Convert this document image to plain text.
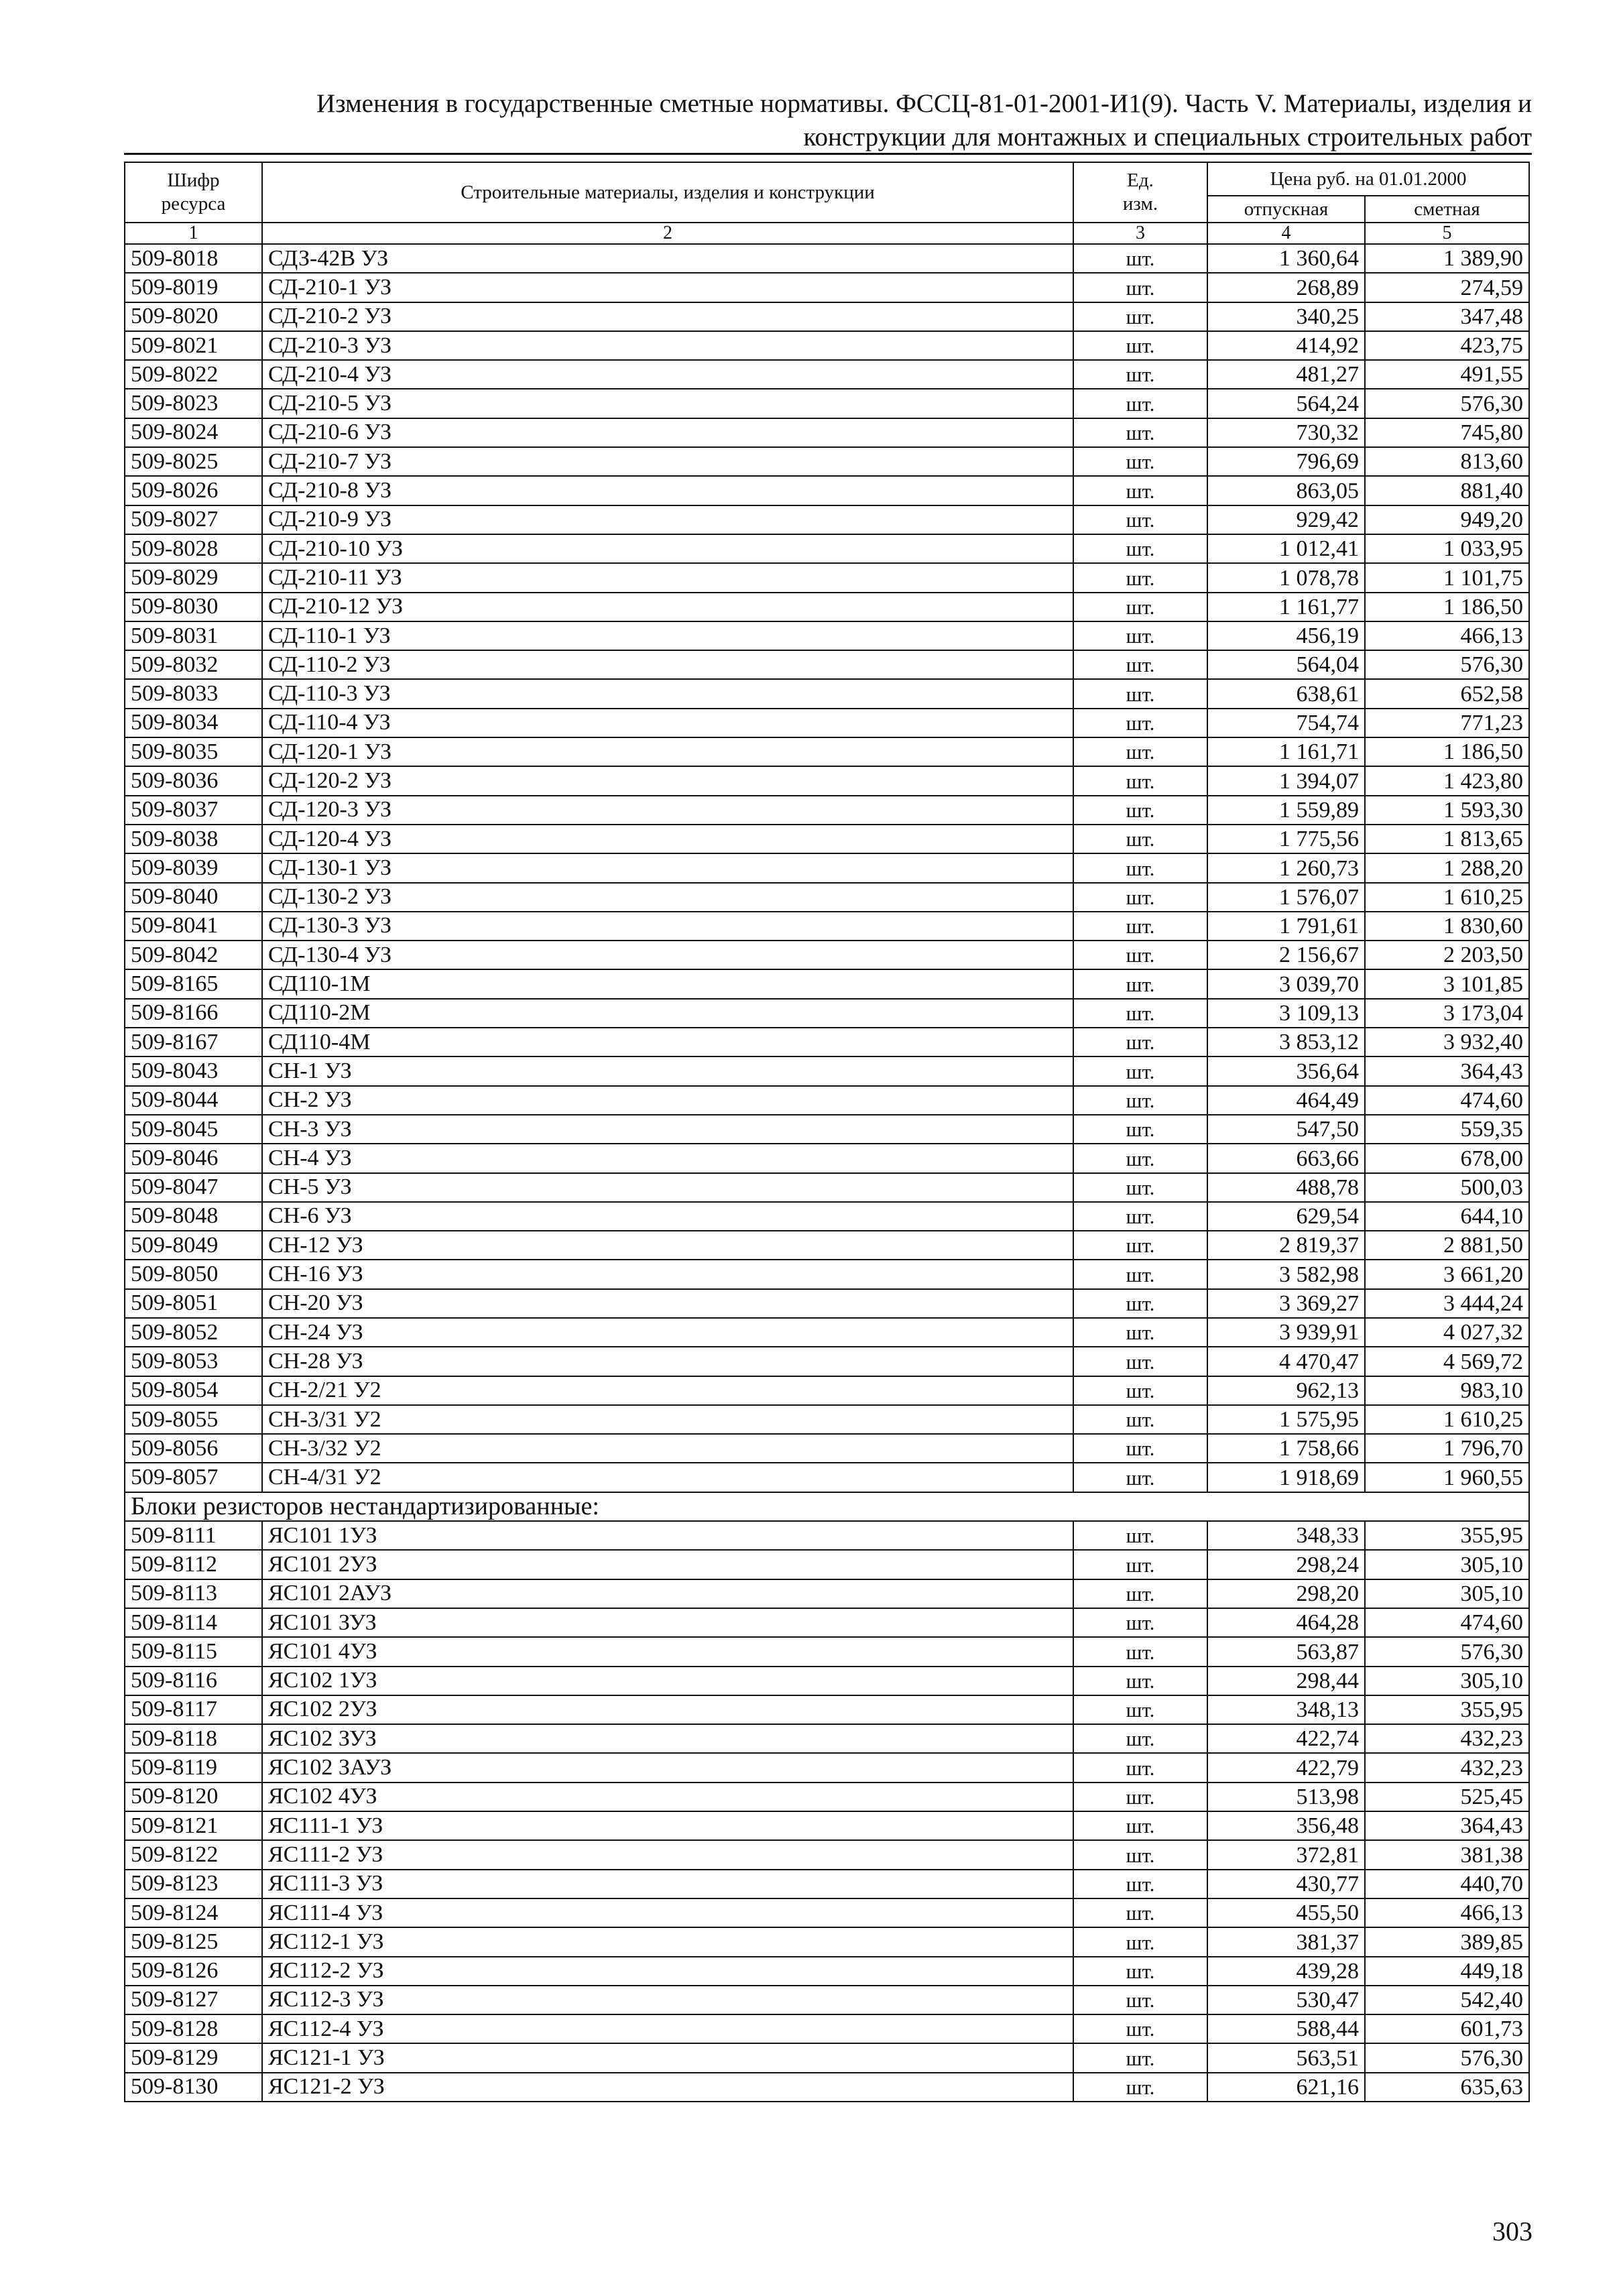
Изменения в государственные сметные нормативы. ФССЦ-81-01-2001-И1(9). Часть V. Материалы, изделия и
конструкции для монтажных и специальных строительных работ
Шифр ресурса	Строительные материалы, изделия и конструкции	Ед. изм.	Цена руб. на 01.01.2000	
			отпускная	сметная
1	2	3	4	5
509-8018	СДЗ-42В УЗ	шт.	1 360,64	1 389,90
509-8019	СД-210-1 УЗ	шт.	268,89	274,59
509-8020	СД-210-2 УЗ	шт.	340,25	347,48
509-8021	СД-210-3 УЗ	шт.	414,92	423,75
509-8022	СД-210-4 УЗ	шт.	481,27	491,55
509-8023	СД-210-5 УЗ	шт.	564,24	576,30
509-8024	СД-210-6 УЗ	шт.	730,32	745,80
509-8025	СД-210-7 УЗ	шт.	796,69	813,60
509-8026	СД-210-8 УЗ	шт.	863,05	881,40
509-8027	СД-210-9 УЗ	шт.	929,42	949,20
509-8028	СД-210-10 УЗ	шт.	1 012,41	1 033,95
509-8029	СД-210-11 УЗ	шт.	1 078,78	1 101,75
509-8030	СД-210-12 УЗ	шт.	1 161,77	1 186,50
509-8031	СД-110-1 УЗ	шт.	456,19	466,13
509-8032	СД-110-2 УЗ	шт.	564,04	576,30
509-8033	СД-110-3 УЗ	шт.	638,61	652,58
509-8034	СД-110-4 УЗ	шт.	754,74	771,23
509-8035	СД-120-1 УЗ	шт.	1 161,71	1 186,50
509-8036	СД-120-2 УЗ	шт.	1 394,07	1 423,80
509-8037	СД-120-3 УЗ	шт.	1 559,89	1 593,30
509-8038	СД-120-4 УЗ	шт.	1 775,56	1 813,65
509-8039	СД-130-1 УЗ	шт.	1 260,73	1 288,20
509-8040	СД-130-2 УЗ	шт.	1 576,07	1 610,25
509-8041	СД-130-3 УЗ	шт.	1 791,61	1 830,60
509-8042	СД-130-4 УЗ	шт.	2 156,67	2 203,50
509-8165	СД110-1М	шт.	3 039,70	3 101,85
509-8166	СД110-2М	шт.	3 109,13	3 173,04
509-8167	СД110-4М	шт.	3 853,12	3 932,40
509-8043	СН-1 УЗ	шт.	356,64	364,43
509-8044	СН-2 УЗ	шт.	464,49	474,60
509-8045	СН-3 УЗ	шт.	547,50	559,35
509-8046	СН-4 УЗ	шт.	663,66	678,00
509-8047	СН-5 УЗ	шт.	488,78	500,03
509-8048	СН-6 УЗ	шт.	629,54	644,10
509-8049	СН-12 УЗ	шт.	2 819,37	2 881,50
509-8050	СН-16 УЗ	шт.	3 582,98	3 661,20
509-8051	СН-20 УЗ	шт.	3 369,27	3 444,24
509-8052	СН-24 УЗ	шт.	3 939,91	4 027,32
509-8053	СН-28 УЗ	шт.	4 470,47	4 569,72
509-8054	СН-2/21 У2	шт.	962,13	983,10
509-8055	СН-3/31 У2	шт.	1 575,95	1 610,25
509-8056	СН-3/32 У2	шт.	1 758,66	1 796,70
509-8057	СН-4/31 У2	шт.	1 918,69	1 960,55
Блоки резисторов нестандартизированные:				
509-8111	ЯС101 1УЗ	шт.	348,33	355,95
509-8112	ЯС101 2УЗ	шт.	298,24	305,10
509-8113	ЯС101 2АУЗ	шт.	298,20	305,10
509-8114	ЯС101 ЗУЗ	шт.	464,28	474,60
509-8115	ЯС101 4УЗ	шт.	563,87	576,30
509-8116	ЯС102 1УЗ	шт.	298,44	305,10
509-8117	ЯС102 2УЗ	шт.	348,13	355,95
509-8118	ЯС102 ЗУЗ	шт.	422,74	432,23
509-8119	ЯС102 ЗАУЗ	шт.	422,79	432,23
509-8120	ЯС102 4УЗ	шт.	513,98	525,45
509-8121	ЯС111-1 УЗ	шт.	356,48	364,43
509-8122	ЯС111-2 УЗ	шт.	372,81	381,38
509-8123	ЯС111-3 УЗ	шт.	430,77	440,70
509-8124	ЯС111-4 УЗ	шт.	455,50	466,13
509-8125	ЯС112-1 УЗ	шт.	381,37	389,85
509-8126	ЯС112-2 УЗ	шт.	439,28	449,18
509-8127	ЯС112-3 УЗ	шт.	530,47	542,40
509-8128	ЯС112-4 УЗ	шт.	588,44	601,73
509-8129	ЯС121-1 УЗ	шт.	563,51	576,30
509-8130	ЯС121-2 УЗ	шт.	621,16	635,63
303
